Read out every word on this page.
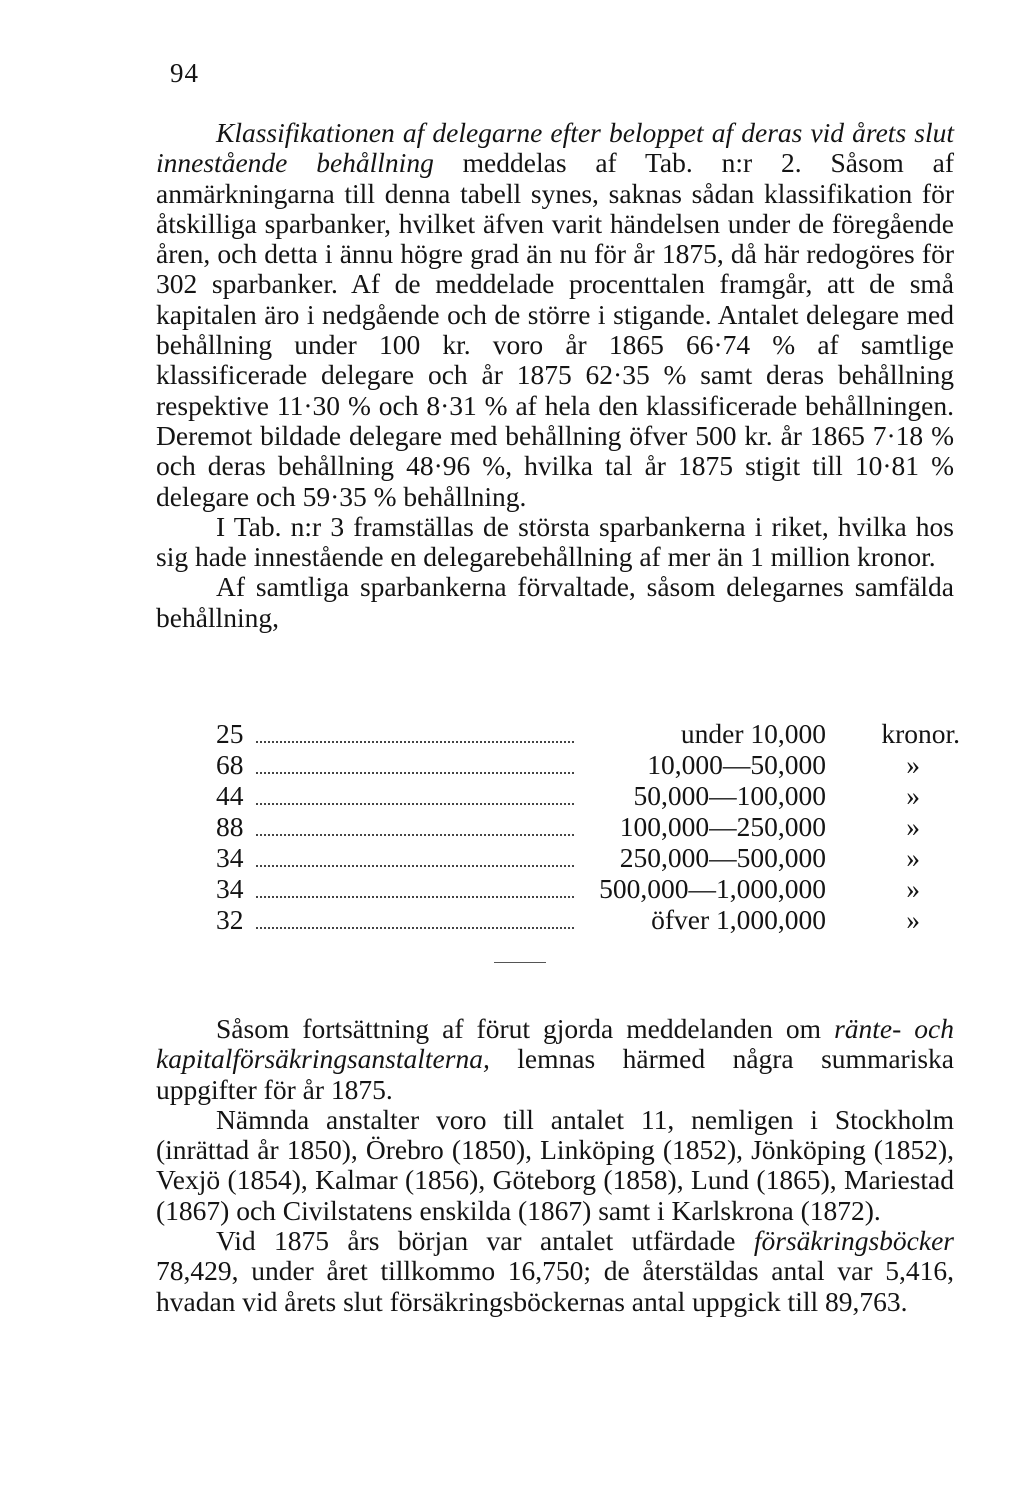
94

Klassifikationen af delegarne efter beloppet af deras vid årets slut innestående behållning meddelas af Tab. n:r 2. Såsom af anmärkningarna till denna tabell synes, saknas sådan klassifikation för åtskilliga sparbanker, hvilket äfven varit händelsen under de föregående åren, och detta i ännu högre grad än nu för år 1875, då här redogöres för 302 sparbanker. Af de meddelade procenttalen framgår, att de små kapitalen äro i nedgående och de större i stigande. Antalet delegare med behållning under 100 kr. voro år 1865 66·74 % af samtlige klassificerade delegare och år 1875 62·35 % samt deras behållning respektive 11·30 % och 8·31 % af hela den klassificerade behållningen. Deremot bildade delegare med behållning öfver 500 kr. år 1865 7·18 % och deras behållning 48·96 %, hvilka tal år 1875 stigit till 10·81 % delegare och 59·35 % behållning.

I Tab. n:r 3 framställas de största sparbankerna i riket, hvilka hos sig hade innestående en delegarebehållning af mer än 1 million kronor.

Af samtliga sparbankerna förvaltade, såsom delegarnes samfälda behållning,

25	under 10,000	kronor.
68	10,000—50,000	»
44	50,000—100,000	»
88	100,000—250,000	»
34	250,000—500,000	»
34	500,000—1,000,000	»
32	öfver 1,000,000	»

Såsom fortsättning af förut gjorda meddelanden om ränte- och kapitalförsäkringsanstalterna, lemnas härmed några summariska uppgifter för år 1875.

Nämnda anstalter voro till antalet 11, nemligen i Stockholm (inrättad år 1850), Örebro (1850), Linköping (1852), Jönköping (1852), Vexjö (1854), Kalmar (1856), Göteborg (1858), Lund (1865), Mariestad (1867) och Civilstatens enskilda (1867) samt i Karlskrona (1872).

Vid 1875 års början var antalet utfärdade försäkringsböcker 78,429, under året tillkommo 16,750; de återstäldas antal var 5,416, hvadan vid årets slut försäkringsböckernas antal uppgick till 89,763.
